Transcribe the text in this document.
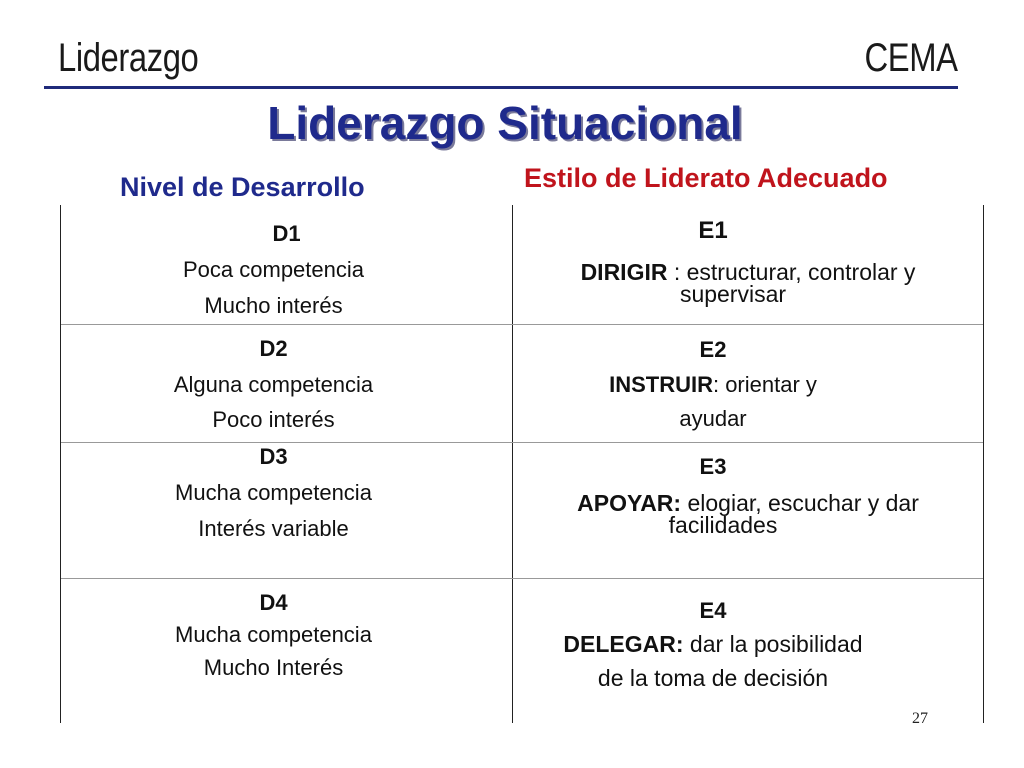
Liderazgo	CEMA
Liderazgo Situacional
Nivel de Desarrollo	Estilo de Liderato Adecuado
D1
Poca competencia
Mucho interés
E1
DIRIGIR : estructurar, controlar y
supervisar
D2
Alguna competencia
Poco interés
E2
INSTRUIR: orientar y
ayudar
D3
Mucha competencia
Interés variable
E3
APOYAR: elogiar, escuchar y dar
facilidades
D4
Mucha competencia
Mucho Interés
E4
DELEGAR: dar la posibilidad
de la toma de decisión
27
